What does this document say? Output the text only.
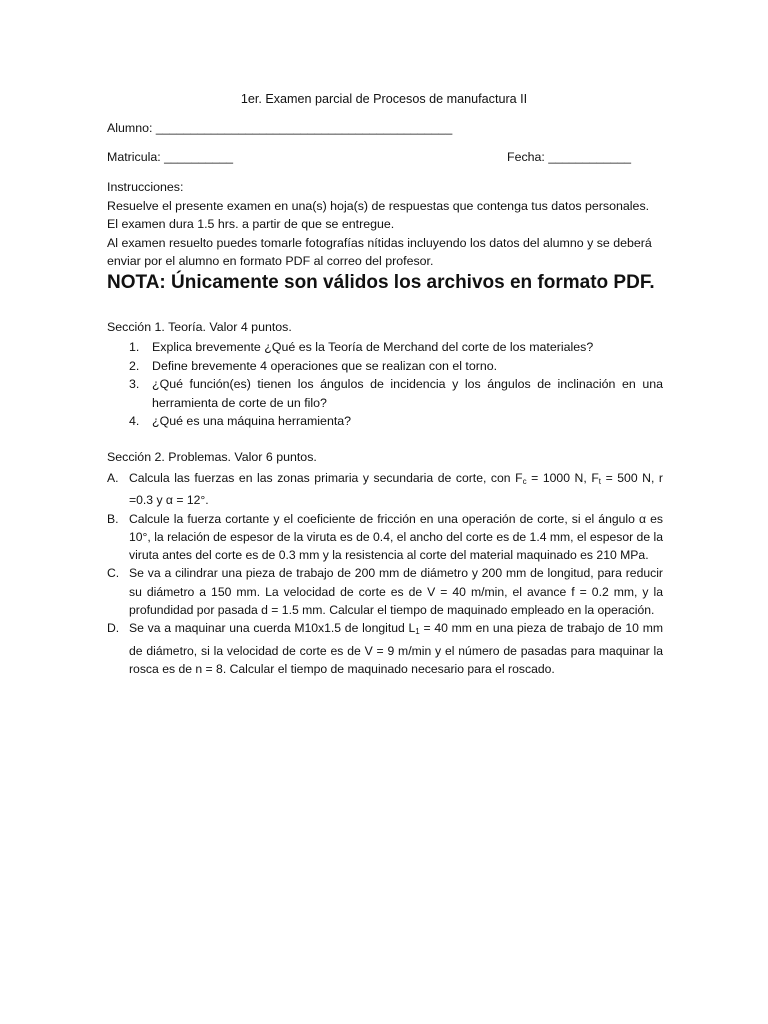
1er. Examen parcial de Procesos de manufactura II
Alumno: ___________________________________________
Matricula: __________	Fecha: ____________
Instrucciones:
Resuelve el presente examen en una(s) hoja(s) de respuestas que contenga tus datos personales.
El examen dura 1.5 hrs. a partir de que se entregue.
Al examen resuelto puedes tomarle fotografías nítidas incluyendo los datos del alumno y se deberá
enviar por el alumno en formato PDF al correo del profesor.
NOTA: Únicamente son válidos los archivos en formato PDF.
Sección 1. Teoría. Valor 4 puntos.
1. Explica brevemente ¿Qué es la Teoría de Merchand del corte de los materiales?
2. Define brevemente 4 operaciones que se realizan con el torno.
3. ¿Qué función(es) tienen los ángulos de incidencia y los ángulos de inclinación en una herramienta de corte de un filo?
4. ¿Qué es una máquina herramienta?
Sección 2. Problemas. Valor 6 puntos.
A. Calcula las fuerzas en las zonas primaria y secundaria de corte, con $F_c = 1000$ N, $F_t = 500$ N, r =0.3 y α = 12°.
B. Calcule la fuerza cortante y el coeficiente de fricción en una operación de corte, si el ángulo α es 10°, la relación de espesor de la viruta es de 0.4, el ancho del corte es de 1.4 mm, el espesor de la viruta antes del corte es de 0.3 mm y la resistencia al corte del material maquinado es 210 MPa.
C. Se va a cilindrar una pieza de trabajo de 200 mm de diámetro y 200 mm de longitud, para reducir su diámetro a 150 mm. La velocidad de corte es de V = 40 m/min, el avance f = 0.2 mm, y la profundidad por pasada d = 1.5 mm. Calcular el tiempo de maquinado empleado en la operación.
D. Se va a maquinar una cuerda M10x1.5 de longitud $L_1 = 40$ mm en una pieza de trabajo de 10 mm de diámetro, si la velocidad de corte es de V = 9 m/min y el número de pasadas para maquinar la rosca es de n = 8. Calcular el tiempo de maquinado necesario para el roscado.
